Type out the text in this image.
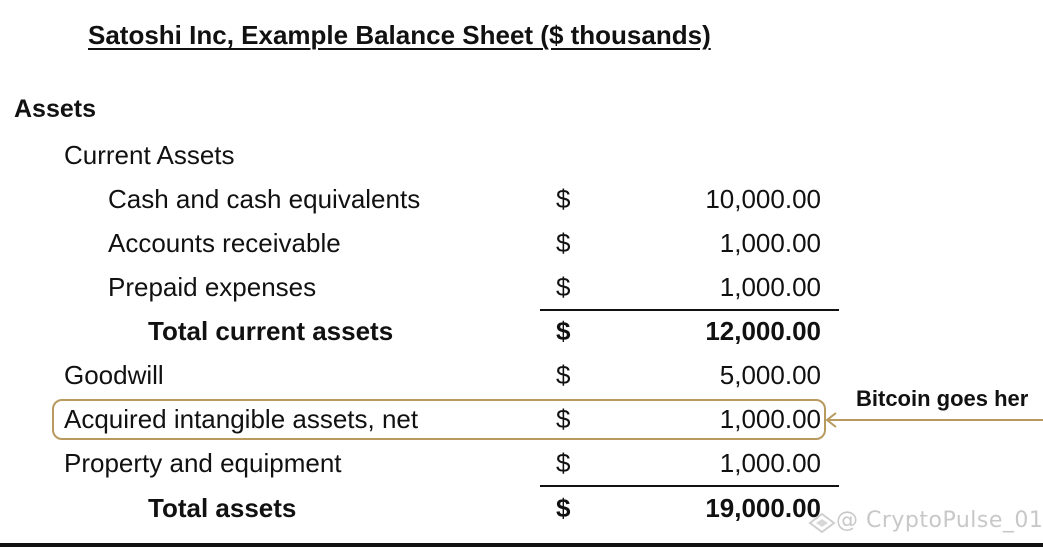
Satoshi Inc, Example Balance Sheet ($ thousands)
Assets
Current Assets
Cash and cash equivalents	$	10,000.00
Accounts receivable	$	1,000.00
Prepaid expenses	$	1,000.00
Total current assets	$	12,000.00
Goodwill	$	5,000.00
Acquired intangible assets, net	$	1,000.00
Property and equipment	$	1,000.00
Total assets	$	19,000.00
Bitcoin goes her
@ CryptoPulse_01
